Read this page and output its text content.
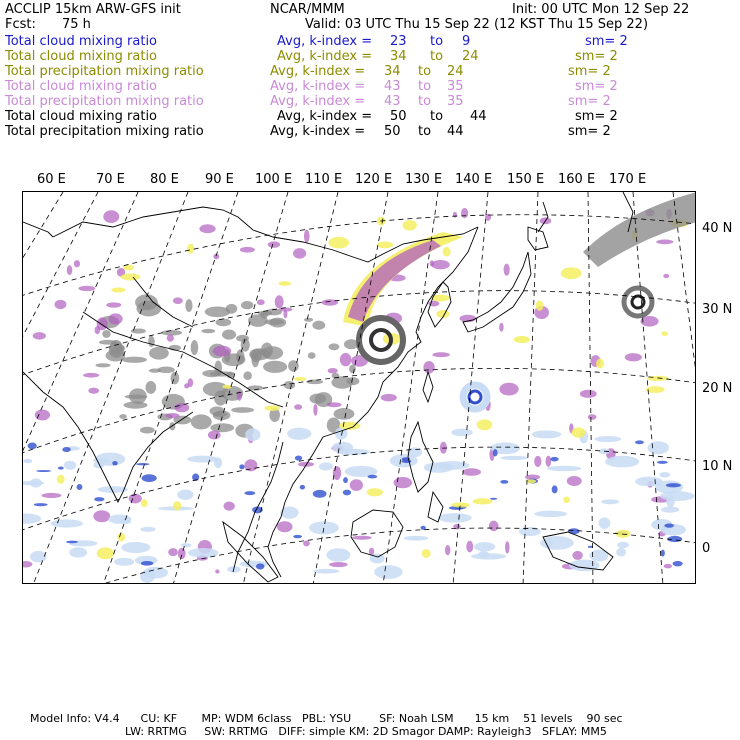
ACCLIP 15km ARW-GFS init	NCAR/MMM	Init: 00 UTC Mon 12 Sep 22
Fcst: 75 h	Valid: 03 UTC Thu 15 Sep 22 (12 KST Thu 15 Sep 22)
Total cloud mixing ratio	Avg, k-index = 23 to 9	sm= 2
Total cloud mixing ratio	Avg, k-index = 34 to 24	sm= 2
Total precipitation mixing ratio	Avg, k-index = 34 to 24	sm= 2
Total cloud mixing ratio	Avg, k-index = 43 to 35	sm= 2
Total precipitation mixing ratio	Avg, k-index = 43 to 35	sm= 2
Total cloud mixing ratio	Avg, k-index = 50 to 44	sm= 2
Total precipitation mixing ratio	Avg, k-index = 50 to 44	sm= 2
60 E 70 E 80 E 90 E 100 E 110 E 120 E 130 E 140 E 150 E 160 E 170 E
40 N
30 N
20 N
10 N
0
Model Info: V4.4      CU: KF       MP: WDM 6class   PBL: YSU        SF: Noah LSM      15 km    51 levels    90 sec
LW: RRTMG     SW: RRTMG   DIFF: simple KM: 2D Smagor DAMP: Rayleigh3   SFLAY: MM5
